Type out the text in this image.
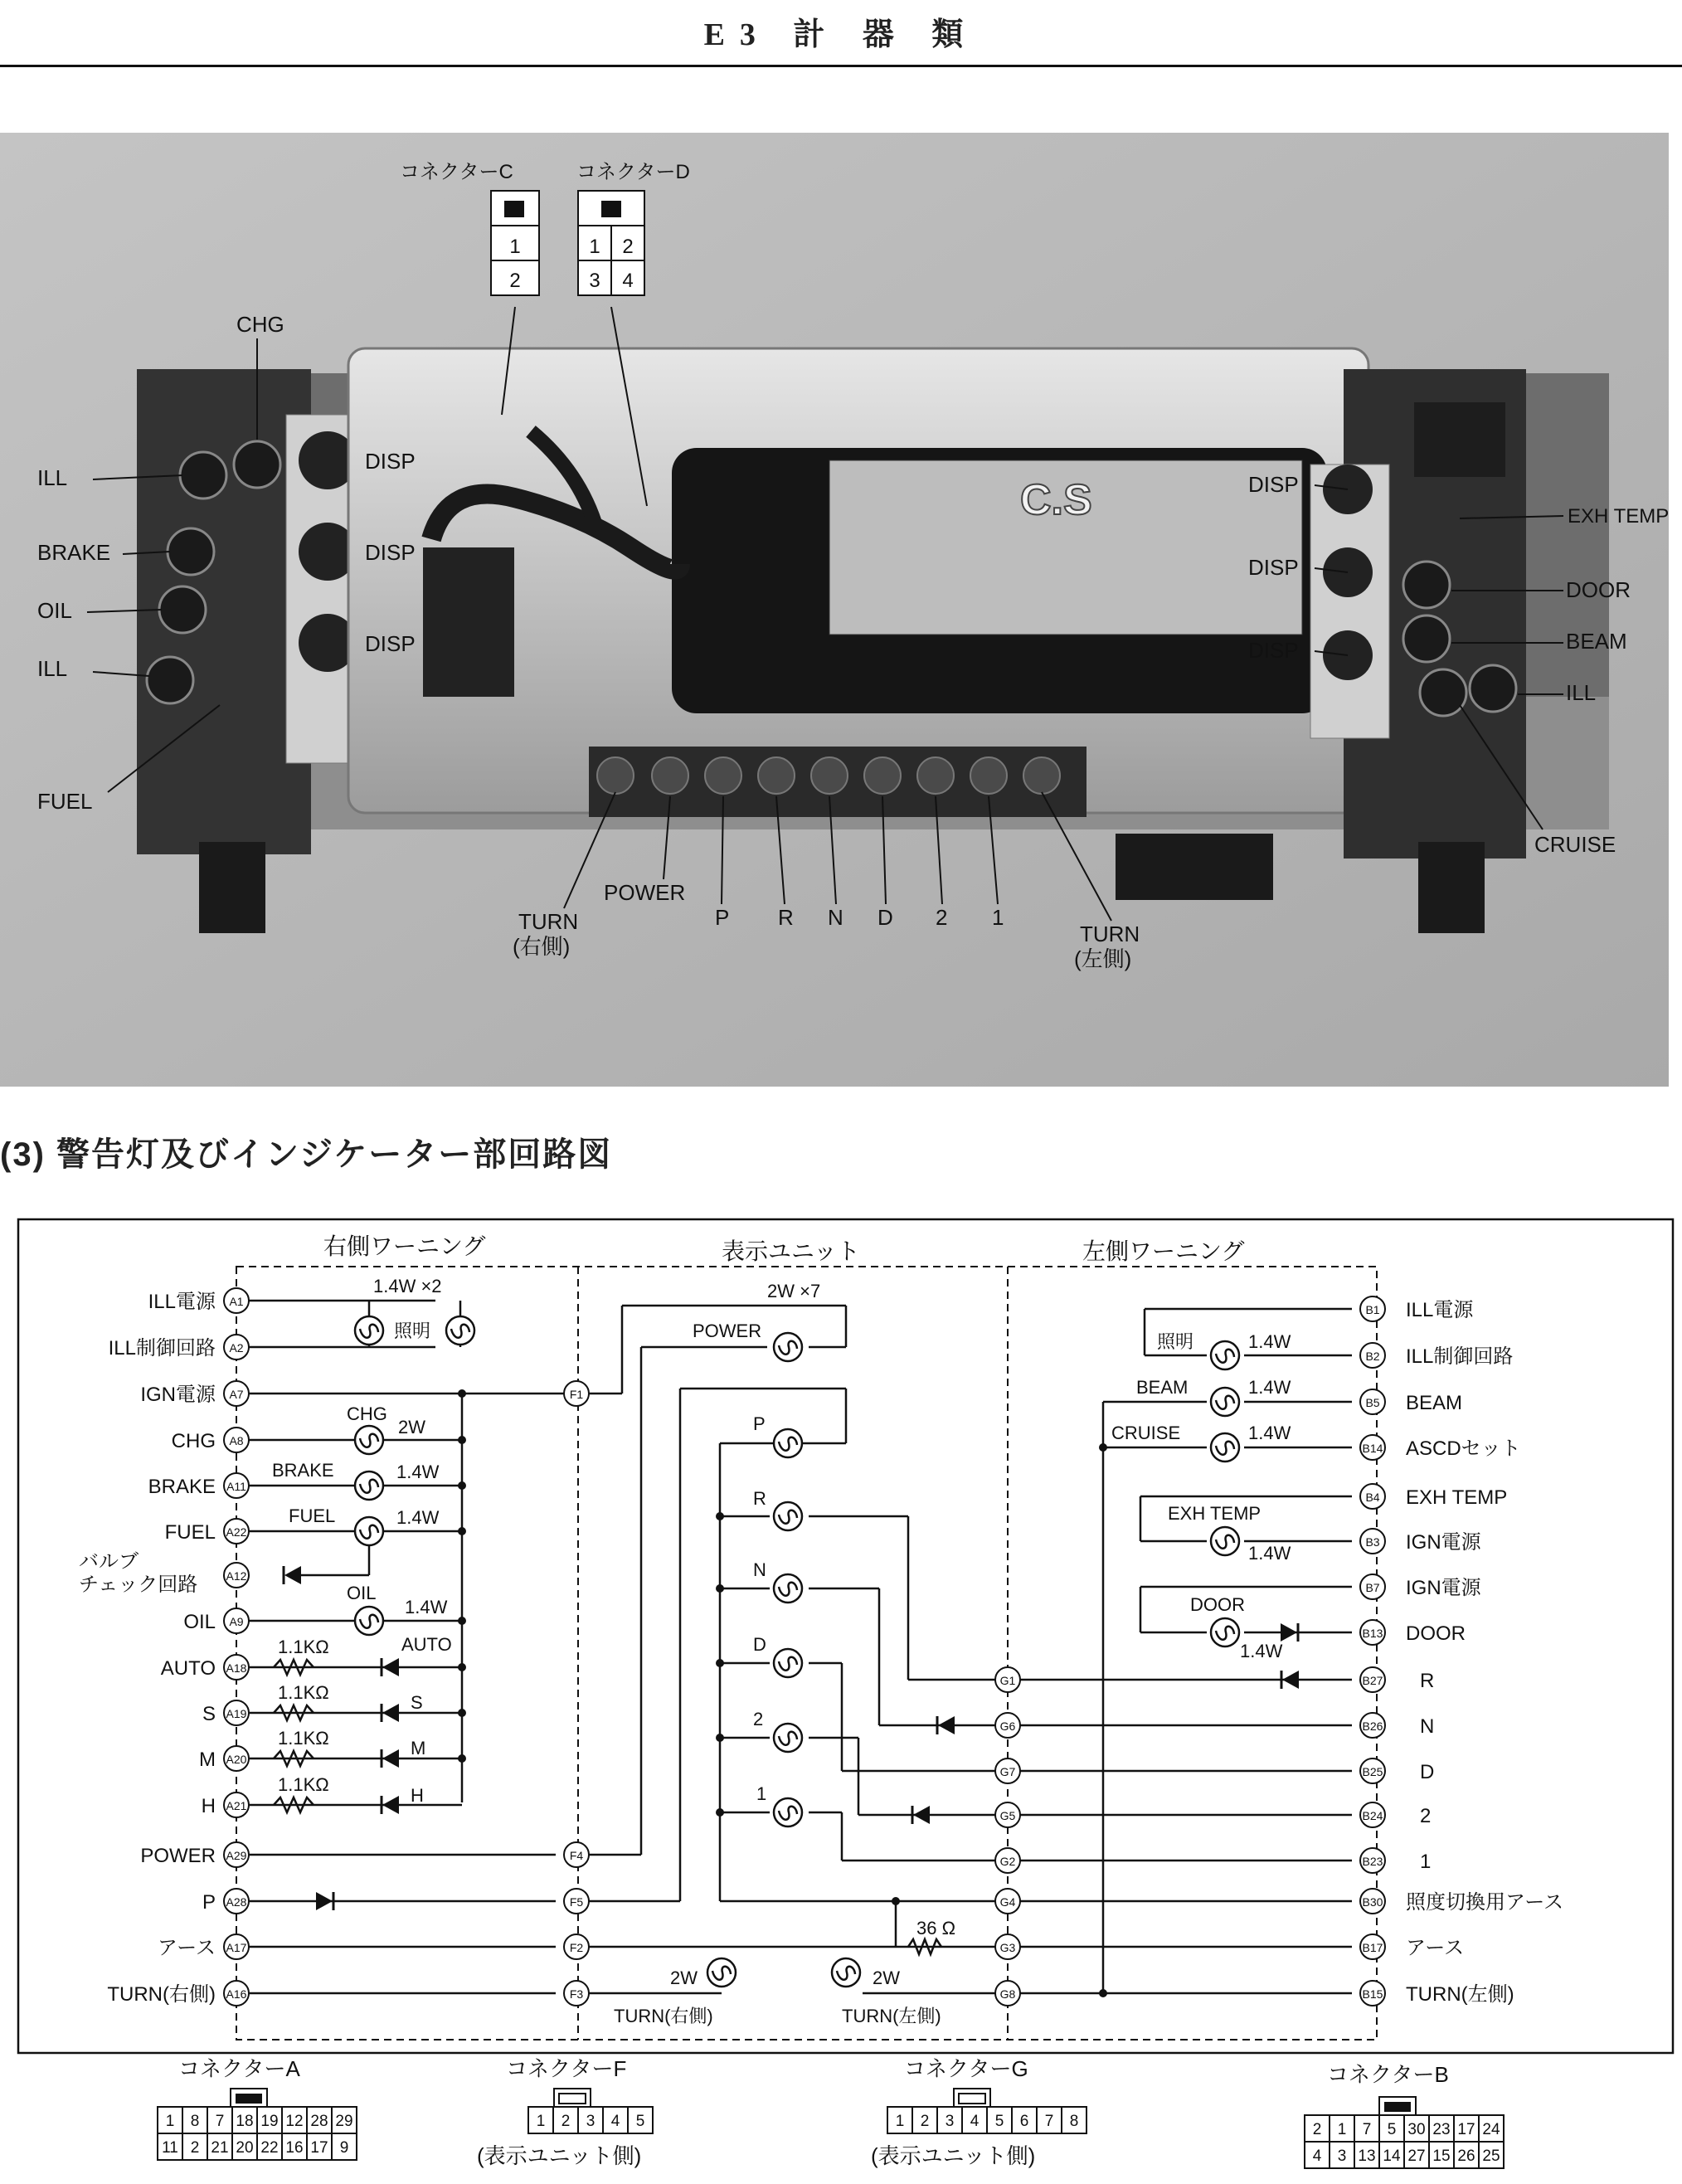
E3 計 器 類
C.S
コネクターC	コネクターD
1
2
1 2
3 4
CHG
ILL
BRAKE
OIL
ILL
FUEL
DISP
DISP
DISP
DISP
DISP
DISP
EXH TEMP
DOOR
BEAM
ILL
CRUISE
TURN
(右側)
POWER
P R N D 2 1
TURN
(左側)
(3) 警告灯及びインジケーター部回路図
右側ワーニング	表示ユニット	左側ワーニング
A1
ILL電源
A2
ILL制御回路
A7
IGN電源
A8
CHG
A11
BRAKE
A22
FUEL
A12
バルブ
チェック回路
A9
OIL
A18
AUTO
A19
S
A20
M
A21
H
A29
POWER
A28
P
A17
アース
A16
TURN(右側)
B1 ILL電源
B2 ILL制御回路
B5 BEAM
B14 ASCDセット
B4 EXH TEMP
B3 IGN電源
B7 IGN電源
B13 DOOR
B27 R
B26 N
B25 D
B24 2
B23 1
B30 照度切換用アース
B17 アース
B15 TURN(左側)
F1
F4
F5
F2
F3
G1
G6
G7
G5
G2
G4
G3
G8
1.4W ×2
照明
CHG
2W
BRAKE	1.4W
FUEL	1.4W
OIL
1.4W
1.1KΩ
1.1KΩ
1.1KΩ
1.1KΩ
AUTO
S
M
H
2W ×7
POWER
P
R
N
D
2
1
36 Ω
2W
TURN(右側)
2W
TURN(左側)
照明	1.4W
BEAM	1.4W
CRUISE	1.4W
EXH TEMP
1.4W
DOOR
1.4W
コネクターA	コネクターF	コネクターG	コネクターB
(表示ユニット側)	(表示ユニット側)
1 8 7 18 19 12 28 29
11 2 21 20 22 16 17 9
1 2 3 4 5	1 2 3 4 5 6 7 8	2 1 7 5 30 23 17 24
4 3 13 14 27 15 26 25
